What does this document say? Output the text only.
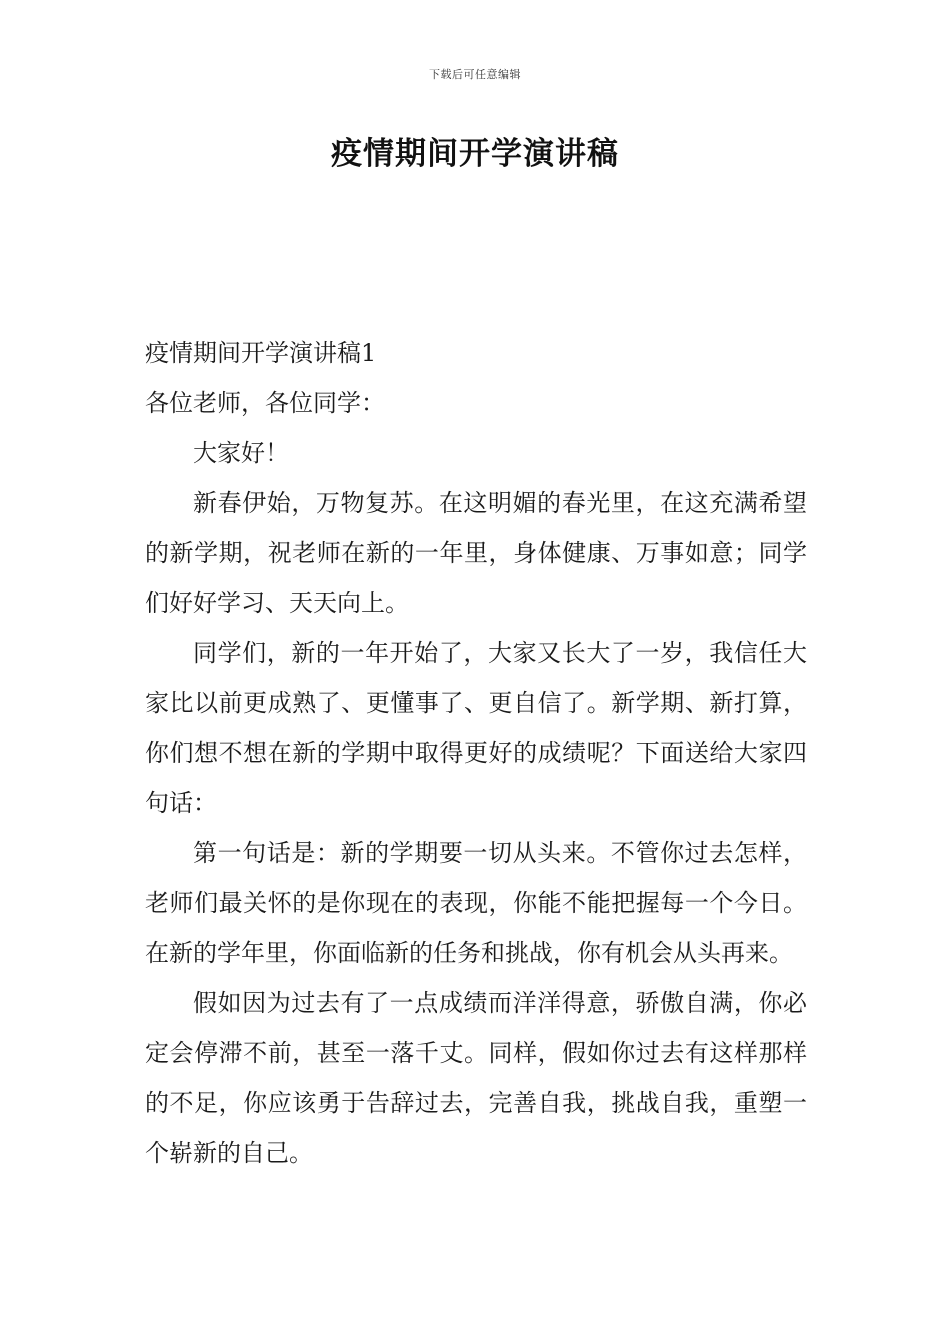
下载后可任意编辑
疫情期间开学演讲稿

疫情期间开学演讲稿1

各位老师，各位同学：

大家好！

新春伊始，万物复苏。在这明媚的春光里，在这充满希望的新学期，祝老师在新的一年里，身体健康、万事如意；同学们好好学习、天天向上。

同学们，新的一年开始了，大家又长大了一岁，我信任大家比以前更成熟了、更懂事了、更自信了。新学期、新打算，你们想不想在新的学期中取得更好的成绩呢？下面送给大家四句话：

第一句话是：新的学期要一切从头来。不管你过去怎样，老师们最关怀的是你现在的表现，你能不能把握每一个今日。在新的学年里，你面临新的任务和挑战，你有机会从头再来。

假如因为过去有了一点成绩而洋洋得意，骄傲自满，你必定会停滞不前，甚至一落千丈。同样，假如你过去有这样那样的不足，你应该勇于告辞过去，完善自我，挑战自我，重塑一个崭新的自己。
